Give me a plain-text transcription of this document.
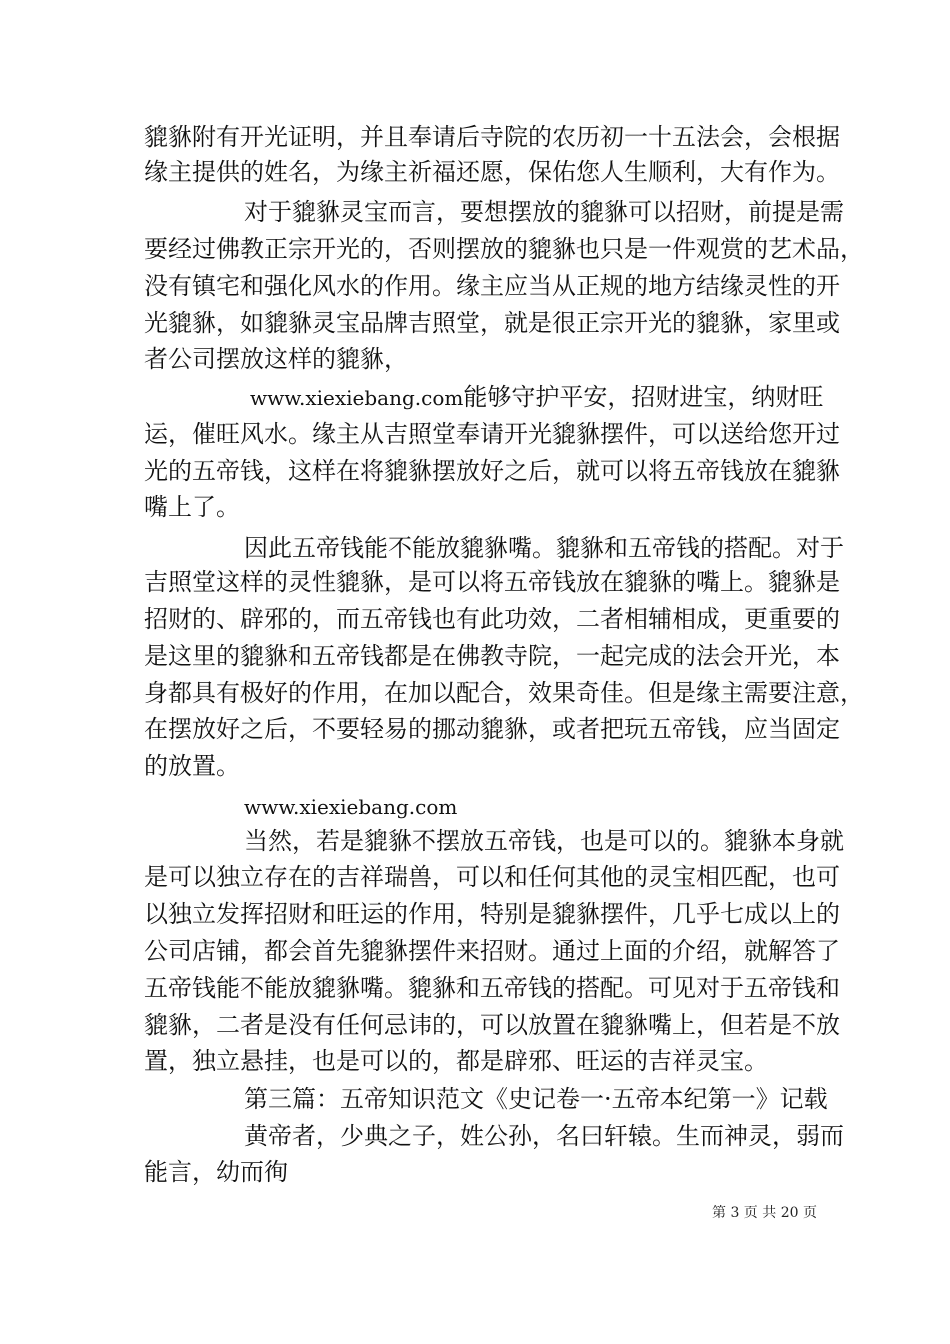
貔貅附有开光证明，并且奉请后寺院的农历初一十五法会，会根据
缘主提供的姓名，为缘主祈福还愿，保佑您人生顺利，大有作为。
对于貔貅灵宝而言，要想摆放的貔貅可以招财，前提是需
要经过佛教正宗开光的，否则摆放的貔貅也只是一件观赏的艺术品，
没有镇宅和强化风水的作用。缘主应当从正规的地方结缘灵性的开
光貔貅，如貔貅灵宝品牌吉照堂，就是很正宗开光的貔貅，家里或
者公司摆放这样的貔貅，
www.xiexiebang.com能够守护平安，招财进宝，纳财旺
运，催旺风水。缘主从吉照堂奉请开光貔貅摆件，可以送给您开过
光的五帝钱，这样在将貔貅摆放好之后，就可以将五帝钱放在貔貅
嘴上了。
因此五帝钱能不能放貔貅嘴。貔貅和五帝钱的搭配。对于
吉照堂这样的灵性貔貅，是可以将五帝钱放在貔貅的嘴上。貔貅是
招财的、辟邪的，而五帝钱也有此功效，二者相辅相成，更重要的
是这里的貔貅和五帝钱都是在佛教寺院，一起完成的法会开光，本
身都具有极好的作用，在加以配合，效果奇佳。但是缘主需要注意，
在摆放好之后，不要轻易的挪动貔貅，或者把玩五帝钱，应当固定
的放置。
www.xiexiebang.com
当然，若是貔貅不摆放五帝钱，也是可以的。貔貅本身就
是可以独立存在的吉祥瑞兽，可以和任何其他的灵宝相匹配，也可
以独立发挥招财和旺运的作用，特别是貔貅摆件，几乎七成以上的
公司店铺，都会首先貔貅摆件来招财。通过上面的介绍，就解答了
五帝钱能不能放貔貅嘴。貔貅和五帝钱的搭配。可见对于五帝钱和
貔貅，二者是没有任何忌讳的，可以放置在貔貅嘴上，但若是不放
置，独立悬挂，也是可以的，都是辟邪、旺运的吉祥灵宝。
第三篇：五帝知识范文《史记卷一·五帝本纪第一》记载
黄帝者，少典之子，姓公孙，名曰轩辕。生而神灵，弱而
能言，幼而徇
第 3 页 共 20 页
